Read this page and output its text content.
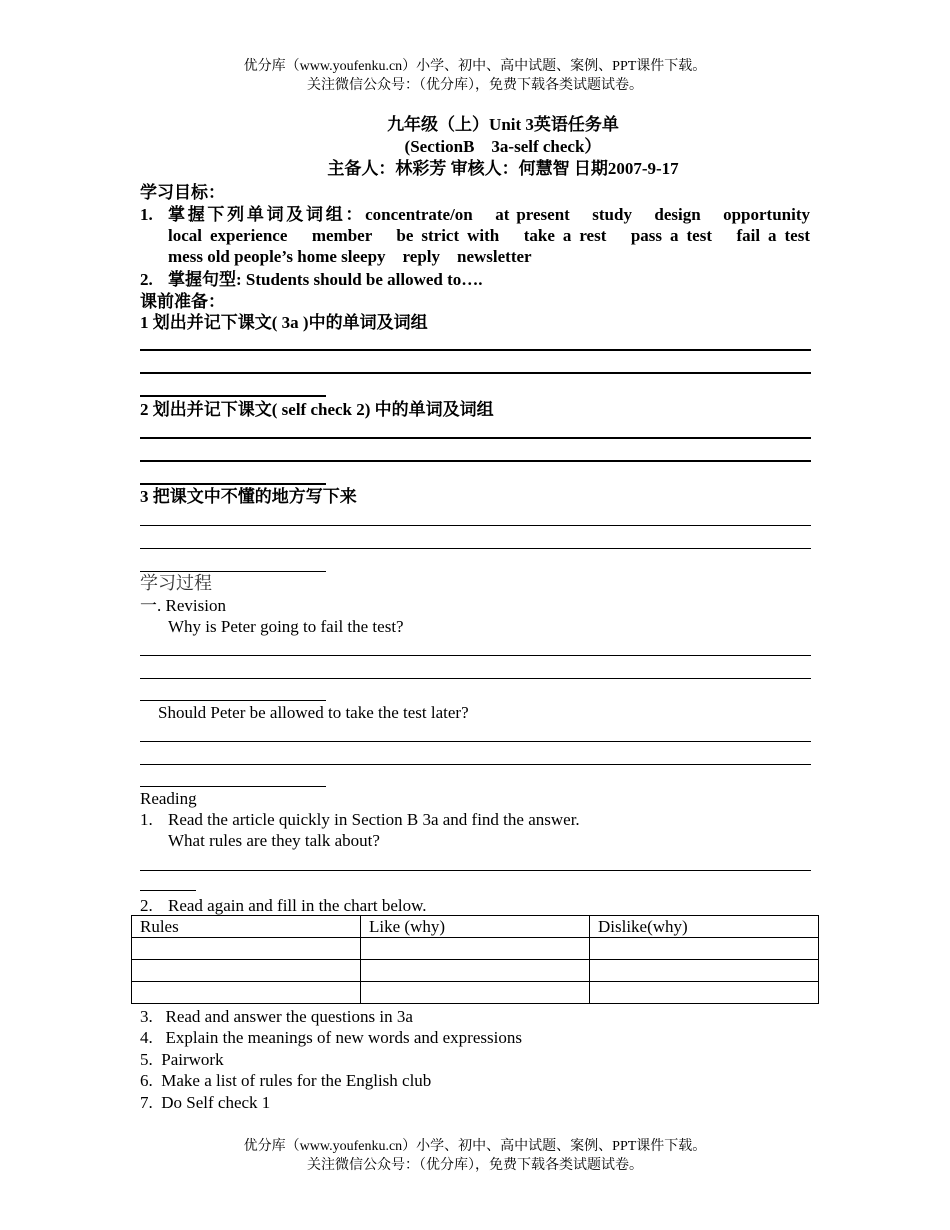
优分库（www.youfenku.cn）小学、初中、高中试题、案例、PPT课件下载。
关注微信公众号：（优分库），免费下载各类试题试卷。
九年级（上）Unit 3英语任务单
(SectionB　3a-self check）
主备人：林彩芳 审核人：何慧智 日期2007-9-17
学习目标：
1. 掌握下列单词及词组：concentrate/on　at present　study　design　opportunity
local experience　member　be strict with　take a rest　pass a test　fail a test
mess old people’s home sleepy　reply　newsletter
2. 掌握句型: Students should be allowed to….
课前准备：
1 划出并记下课文( 3a )中的单词及词组
2 划出并记下课文( self check 2) 中的单词及词组
3 把课文中不懂的地方写下来
学习过程
一. Revision
Why is Peter going to fail the test?
Should Peter be allowed to take the test later?
Reading
1. Read the article quickly in Section B 3a and find the answer.
What rules are they talk about?
2. Read again and fill in the chart below.
Rules	Like (why)	Dislike(why)

3.   Read and answer the questions in 3a
4.   Explain the meanings of new words and expressions
5.  Pairwork
6.  Make a list of rules for the English club
7.  Do Self check 1
优分库（www.youfenku.cn）小学、初中、高中试题、案例、PPT课件下载。
关注微信公众号：（优分库），免费下载各类试题试卷。
